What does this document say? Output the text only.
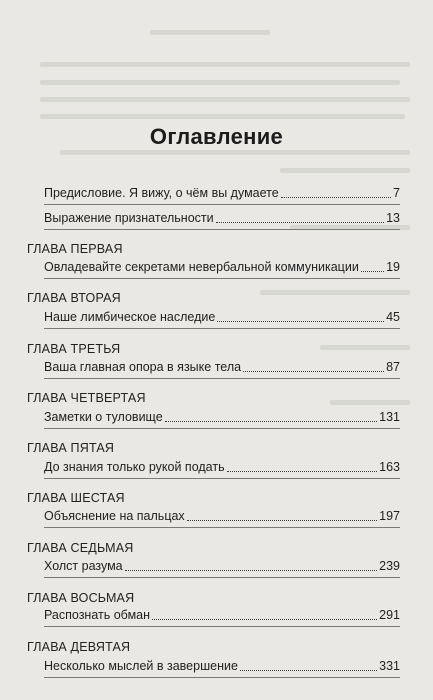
Оглавление
Предисловие. Я вижу, о чём вы думаете	7
Выражение признательности	13
ГЛАВА ПЕРВАЯ
Овладевайте секретами невербальной коммуникации 19
ГЛАВА ВТОРАЯ
Наше лимбическое наследие	45
ГЛАВА ТРЕТЬЯ
Ваша главная опора в языке тела	87
ГЛАВА ЧЕТВЕРТАЯ
Заметки о туловище	131
ГЛАВА ПЯТАЯ
До знания только рукой подать	163
ГЛАВА ШЕСТАЯ
Объяснение на пальцах	197
ГЛАВА СЕДЬМАЯ
Холст разума	239
ГЛАВА ВОСЬМАЯ
Распознать обман	291
ГЛАВА ДЕВЯТАЯ
Несколько мыслей в завершение	331
